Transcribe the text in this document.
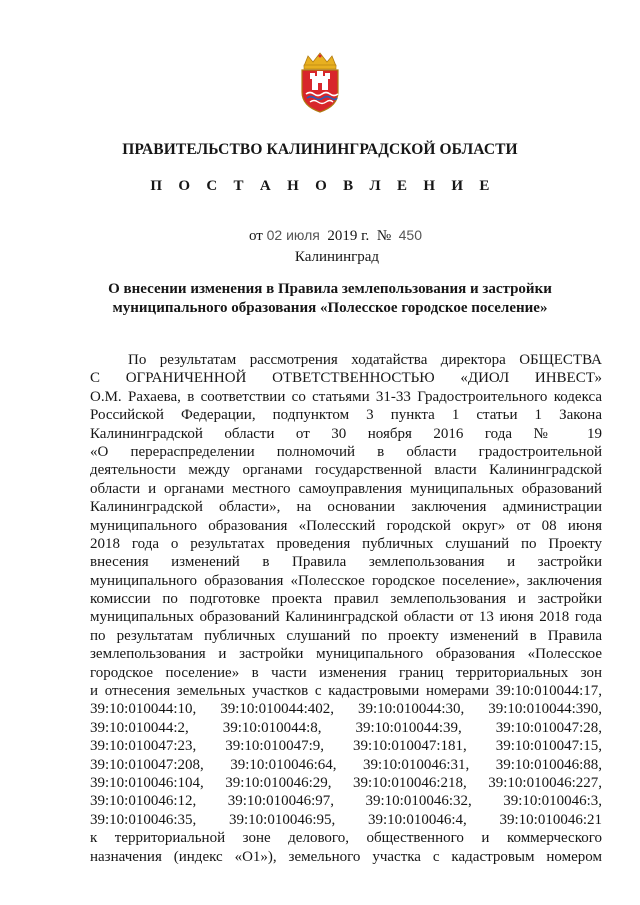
ПРАВИТЕЛЬСТВО КАЛИНИНГРАДСКОЙ ОБЛАСТИ
П О С Т А Н О В Л Е Н И Е
от 02 июля 2019 г. № 450
Калининград
О внесении изменения в Правила землепользования и застройки муниципального образования «Полесское городское поселение»
По результатам рассмотрения ходатайства директора ОБЩЕСТВА
С ОГРАНИЧЕННОЙ ОТВЕТСТВЕННОСТЬЮ «ДИОЛ ИНВЕСТ»
О.М. Рахаева, в соответствии со статьями 31-33 Градостроительного кодекса
Российской Федерации, подпунктом 3 пункта 1 статьи 1 Закона
Калининградской области от 30 ноября 2016 года № 19
«О перераспределении полномочий в области градостроительной
деятельности между органами государственной власти Калининградской
области и органами местного самоуправления муниципальных образований
Калининградской области», на основании заключения администрации
муниципального образования «Полесский городской округ» от 08 июня
2018 года о результатах проведения публичных слушаний по Проекту
внесения изменений в Правила землепользования и застройки
муниципального образования «Полесское городское поселение», заключения
комиссии по подготовке проекта правил землепользования и застройки
муниципальных образований Калининградской области от 13 июня 2018 года
по результатам публичных слушаний по проекту изменений в Правила
землепользования и застройки муниципального образования «Полесское
городское поселение» в части изменения границ территориальных зон
и отнесения земельных участков с кадастровыми номерами 39:10:010044:17,
39:10:010044:10, 39:10:010044:402, 39:10:010044:30, 39:10:010044:390,
39:10:010044:2, 39:10:010044:8, 39:10:010044:39, 39:10:010047:28,
39:10:010047:23, 39:10:010047:9, 39:10:010047:181, 39:10:010047:15,
39:10:010047:208, 39:10:010046:64, 39:10:010046:31, 39:10:010046:88,
39:10:010046:104, 39:10:010046:29, 39:10:010046:218, 39:10:010046:227,
39:10:010046:12, 39:10:010046:97, 39:10:010046:32, 39:10:010046:3,
39:10:010046:35, 39:10:010046:95, 39:10:010046:4, 39:10:010046:21
к территориальной зоне делового, общественного и коммерческого
назначения (индекс «О1»), земельного участка с кадастровым номером
